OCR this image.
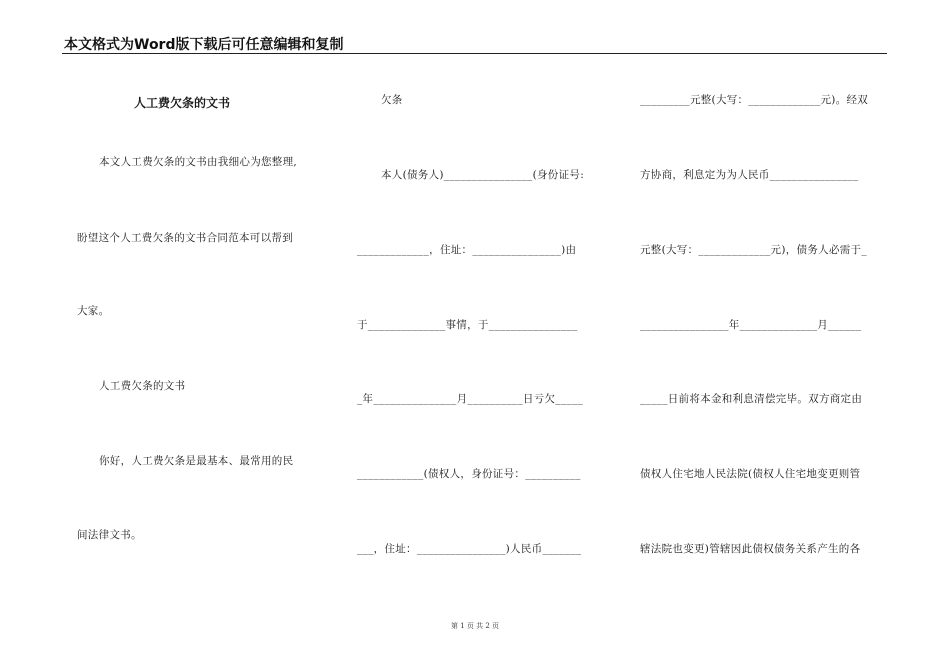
本文格式为Word版下载后可任意编辑和复制
人工费欠条的文书
本文人工费欠条的文书由我细心为您整理,
盼望这个人工费欠条的文书合同范本可以帮到
大家。
人工费欠条的文书
你好，人工费欠条是最基本、最常用的民
间法律文书。
欠条
本人(债务人)________________(身份证号:
_____________，住址：________________)由
于______________事情，于________________
_年_______________月__________日亏欠_____
____________(债权人，身份证号：__________
___，住址：________________)人民币_______
_________元整(大写：_____________元)。经双
方协商，利息定为为人民币________________
元整(大写：_____________元)，债务人必需于_
________________年______________月______
_____日前将本金和利息清偿完毕。双方商定由
债权人住宅地人民法院(债权人住宅地变更则管
辖法院也变更)管辖因此债权债务关系产生的各
第 1 页 共 2 页
